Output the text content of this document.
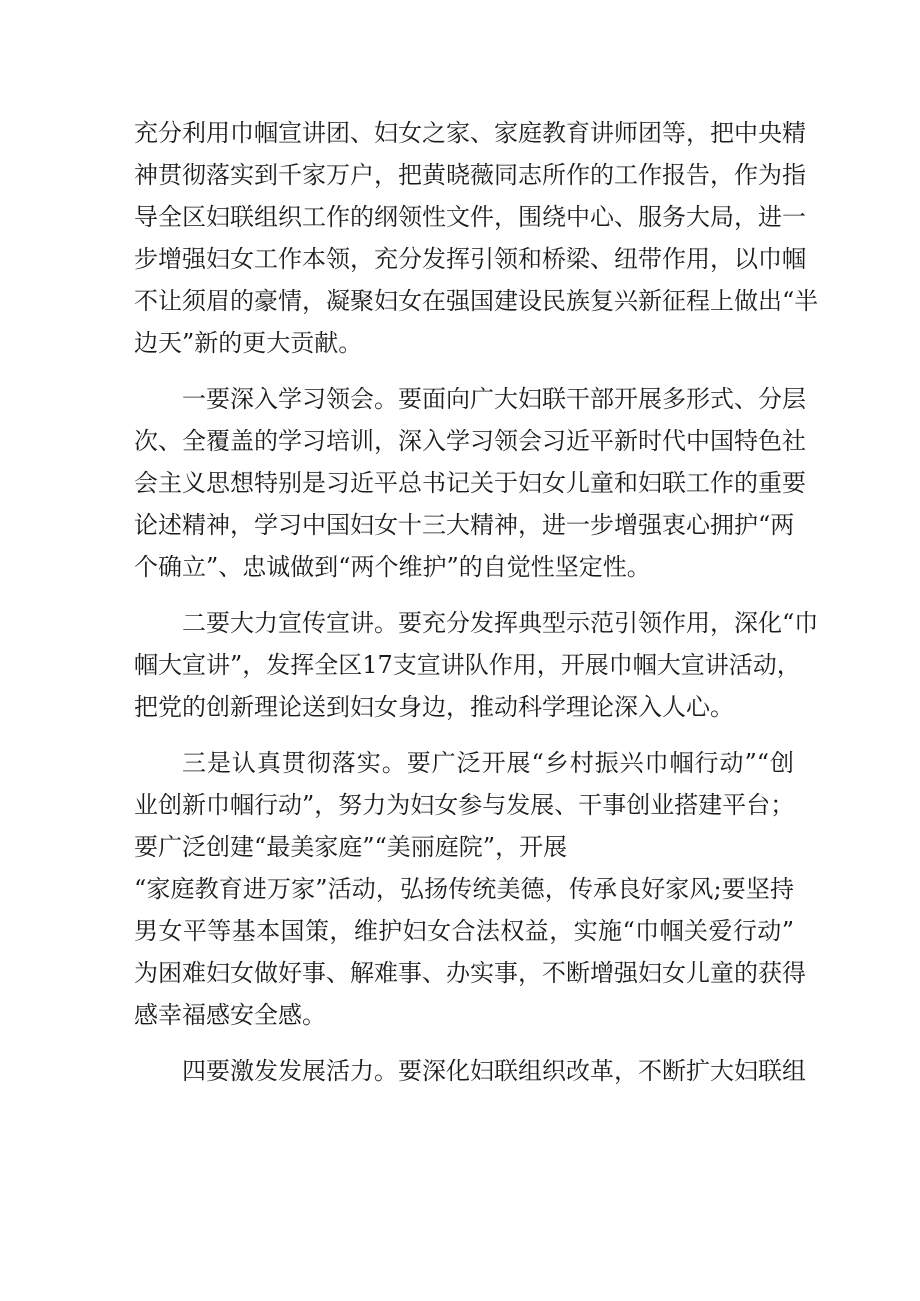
充分利用巾帼宣讲团、妇女之家、家庭教育讲师团等，把中央精
神贯彻落实到千家万户，把黄晓薇同志所作的工作报告，作为指
导全区妇联组织工作的纲领性文件，围绕中心、服务大局，进一
步增强妇女工作本领，充分发挥引领和桥梁、纽带作用，以巾帼
不让须眉的豪情，凝聚妇女在强国建设民族复兴新征程上做出“半
边天”新的更大贡献。
一要深入学习领会。要面向广大妇联干部开展多形式、分层
次、全覆盖的学习培训，深入学习领会习近平新时代中国特色社
会主义思想特别是习近平总书记关于妇女儿童和妇联工作的重要
论述精神，学习中国妇女十三大精神，进一步增强衷心拥护“两
个确立”、忠诚做到“两个维护”的自觉性坚定性。
二要大力宣传宣讲。要充分发挥典型示范引领作用，深化“巾
帼大宣讲”，发挥全区17支宣讲队作用，开展巾帼大宣讲活动，
把党的创新理论送到妇女身边，推动科学理论深入人心。
三是认真贯彻落实。要广泛开展“乡村振兴巾帼行动”“创
业创新巾帼行动”，努力为妇女参与发展、干事创业搭建平台；
要广泛创建“最美家庭”“美丽庭院”，开展
“家庭教育进万家”活动，弘扬传统美德，传承良好家风;要坚持
男女平等基本国策，维护妇女合法权益，实施“巾帼关爱行动”
为困难妇女做好事、解难事、办实事，不断增强妇女儿童的获得
感幸福感安全感。
四要激发发展活力。要深化妇联组织改革，不断扩大妇联组
